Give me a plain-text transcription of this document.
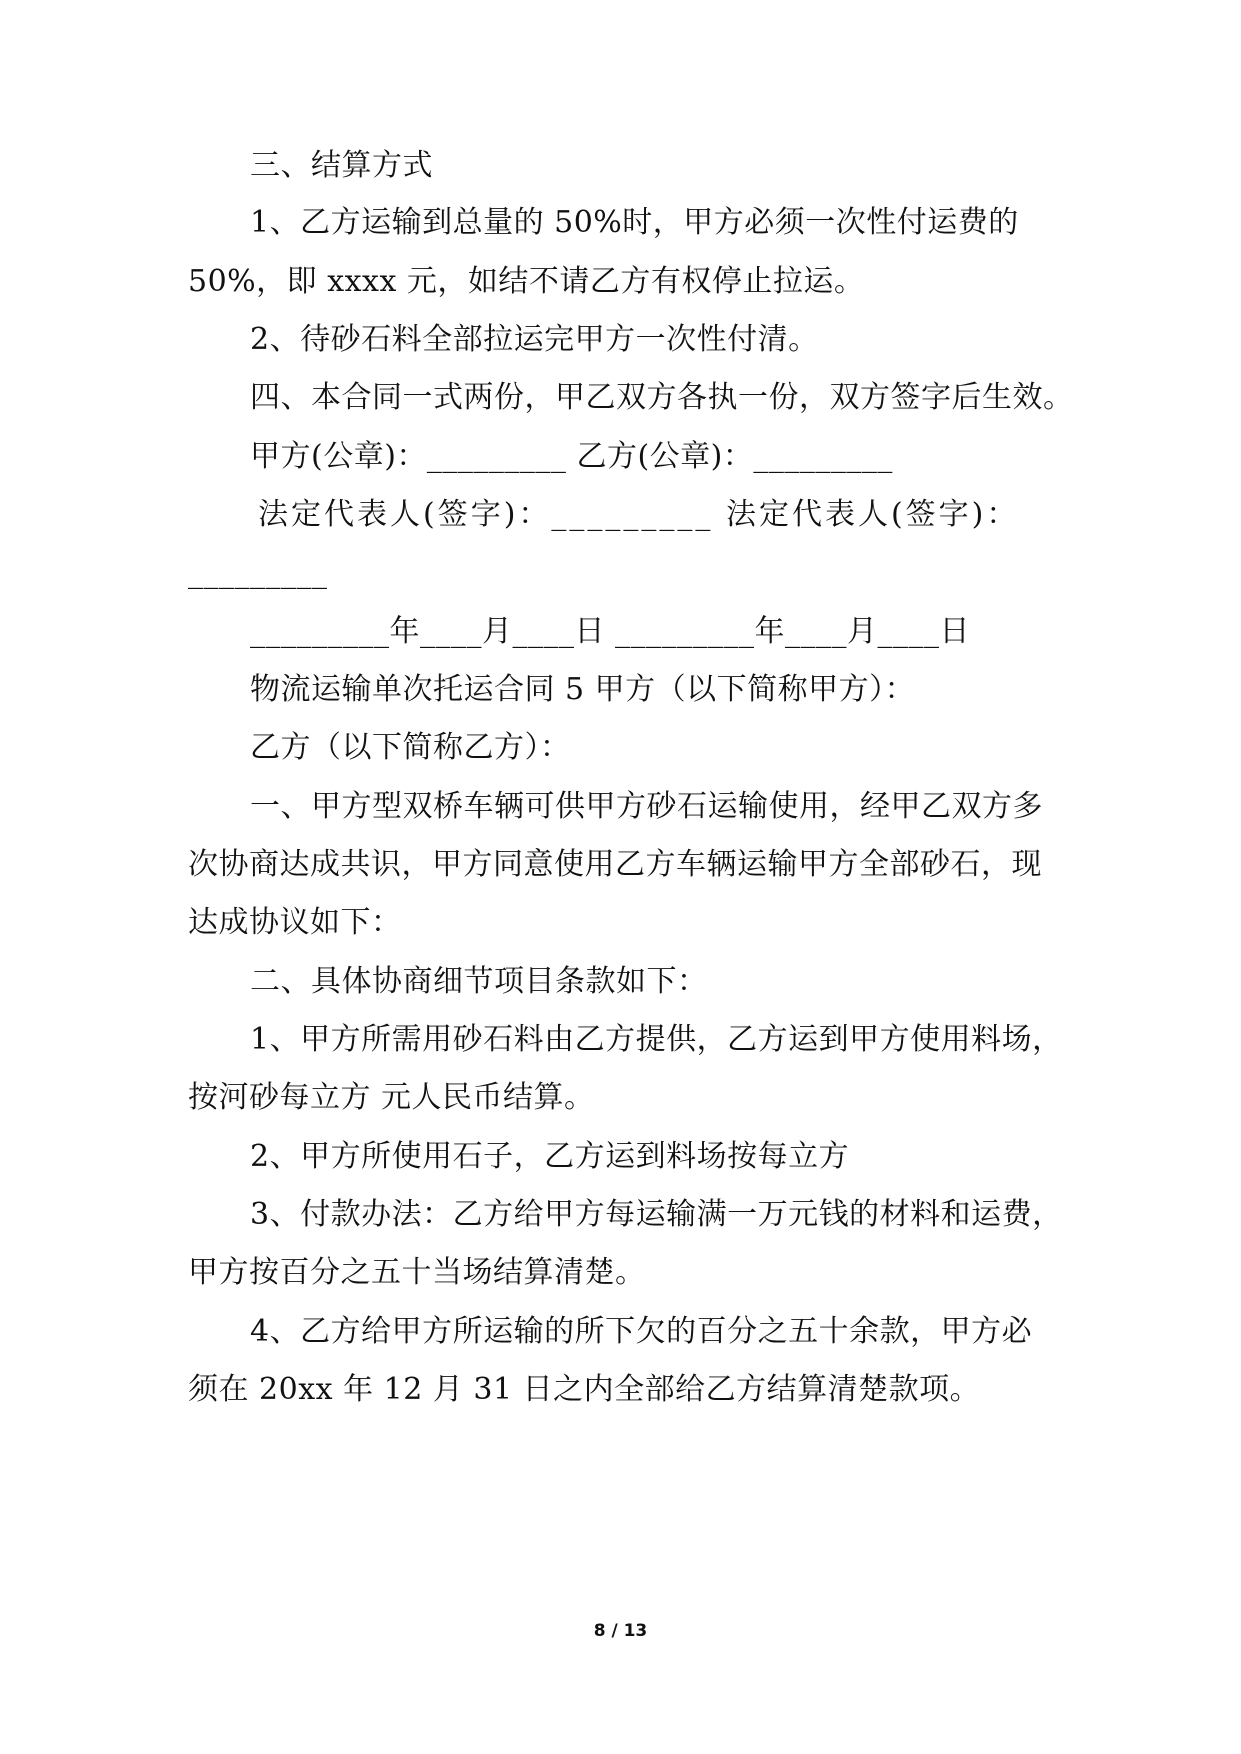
三、结算方式
1、乙方运输到总量的 50%时，甲方必须一次性付运费的
50%，即 xxxx 元，如结不请乙方有权停止拉运。
2、待砂石料全部拉运完甲方一次性付清。
四、本合同一式两份，甲乙双方各执一份，双方签字后生效。
甲方(公章)：_________ 乙方(公章)：_________
法定代表人(签字)：_________ 法定代表人(签字)：
_________
_________年____月____日 _________年____月____日
物流运输单次托运合同 5 甲方（以下简称甲方）：
乙方（以下简称乙方）：
一、甲方型双桥车辆可供甲方砂石运输使用，经甲乙双方多
次协商达成共识，甲方同意使用乙方车辆运输甲方全部砂石，现
达成协议如下：
二、具体协商细节项目条款如下：
1、甲方所需用砂石料由乙方提供，乙方运到甲方使用料场，
按河砂每立方 元人民币结算。
2、甲方所使用石子，乙方运到料场按每立方
3、付款办法：乙方给甲方每运输满一万元钱的材料和运费，
甲方按百分之五十当场结算清楚。
4、乙方给甲方所运输的所下欠的百分之五十余款，甲方必
须在 20xx 年 12 月 31 日之内全部给乙方结算清楚款项。
8 / 13
